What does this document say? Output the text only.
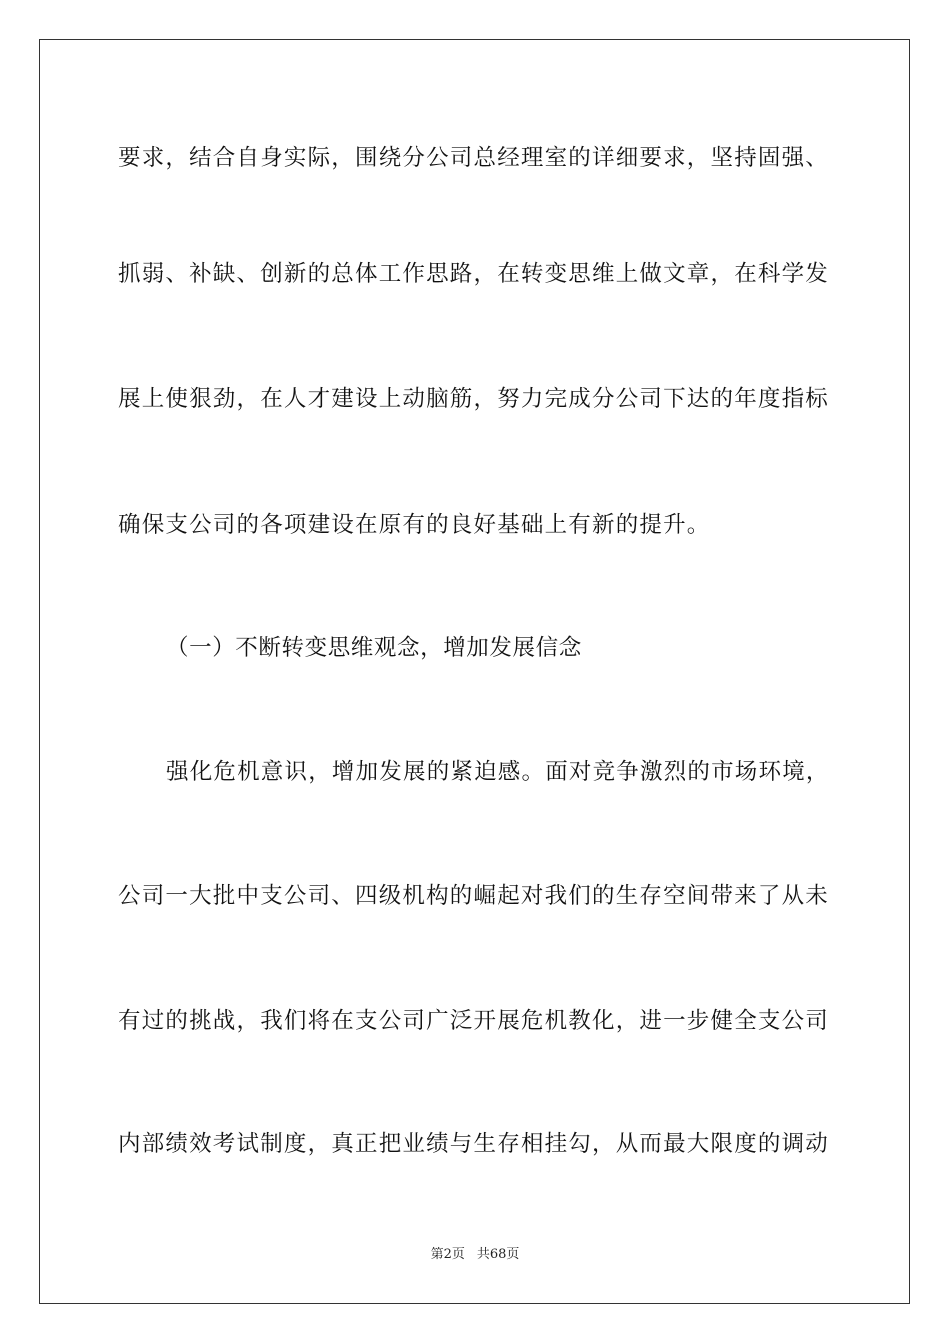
要求，结合自身实际，围绕分公司总经理室的详细要求，坚持固强、
抓弱、补缺、创新的总体工作思路，在转变思维上做文章，在科学发
展上使狠劲，在人才建设上动脑筋，努力完成分公司下达的年度指标
确保支公司的各项建设在原有的良好基础上有新的提升。
（一）不断转变思维观念，增加发展信念
强化危机意识，增加发展的紧迫感。面对竞争激烈的市场环境，
公司一大批中支公司、四级机构的崛起对我们的生存空间带来了从未
有过的挑战，我们将在支公司广泛开展危机教化，进一步健全支公司
内部绩效考试制度，真正把业绩与生存相挂勾，从而最大限度的调动
第2页 共68页
